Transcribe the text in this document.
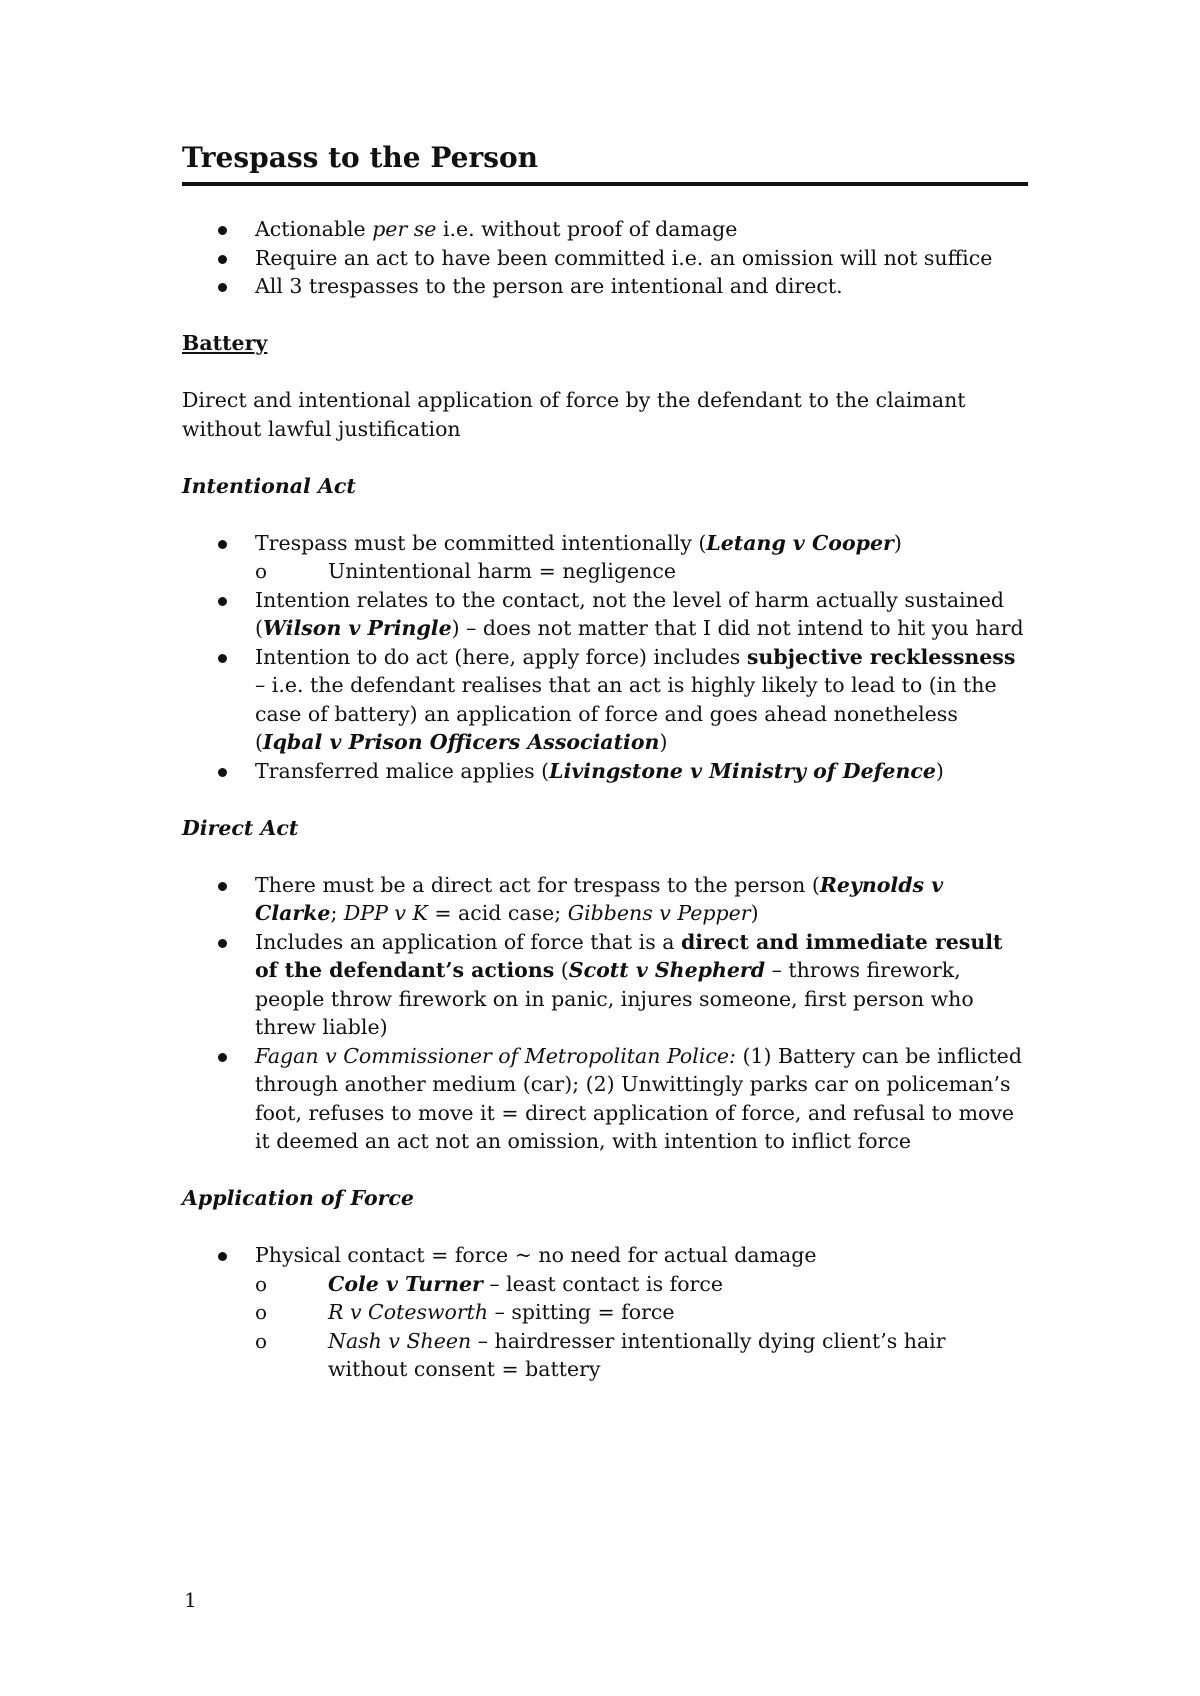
Trespass to the Person
Actionable per se i.e. without proof of damage
Require an act to have been committed i.e. an omission will not suffice
All 3 trespasses to the person are intentional and direct.
Battery
Direct and intentional application of force by the defendant to the claimant without lawful justification
Intentional Act
Trespass must be committed intentionally (Letang v Cooper)
o	Unintentional harm = negligence
Intention relates to the contact, not the level of harm actually sustained (Wilson v Pringle) – does not matter that I did not intend to hit you hard
Intention to do act (here, apply force) includes subjective recklessness – i.e. the defendant realises that an act is highly likely to lead to (in the case of battery) an application of force and goes ahead nonetheless (Iqbal v Prison Officers Association)
Transferred malice applies (Livingstone v Ministry of Defence)
Direct Act
There must be a direct act for trespass to the person (Reynolds v Clarke; DPP v K = acid case; Gibbens v Pepper)
Includes an application of force that is a direct and immediate result of the defendant’s actions (Scott v Shepherd – throws firework, people throw firework on in panic, injures someone, first person who threw liable)
Fagan v Commissioner of Metropolitan Police: (1) Battery can be inflicted through another medium (car); (2) Unwittingly parks car on policeman’s foot, refuses to move it = direct application of force, and refusal to move it deemed an act not an omission, with intention to inflict force
Application of Force
Physical contact = force ~ no need for actual damage
o	Cole v Turner – least contact is force
o	R v Cotesworth – spitting = force
o	Nash v Sheen – hairdresser intentionally dying client’s hair without consent = battery
1
